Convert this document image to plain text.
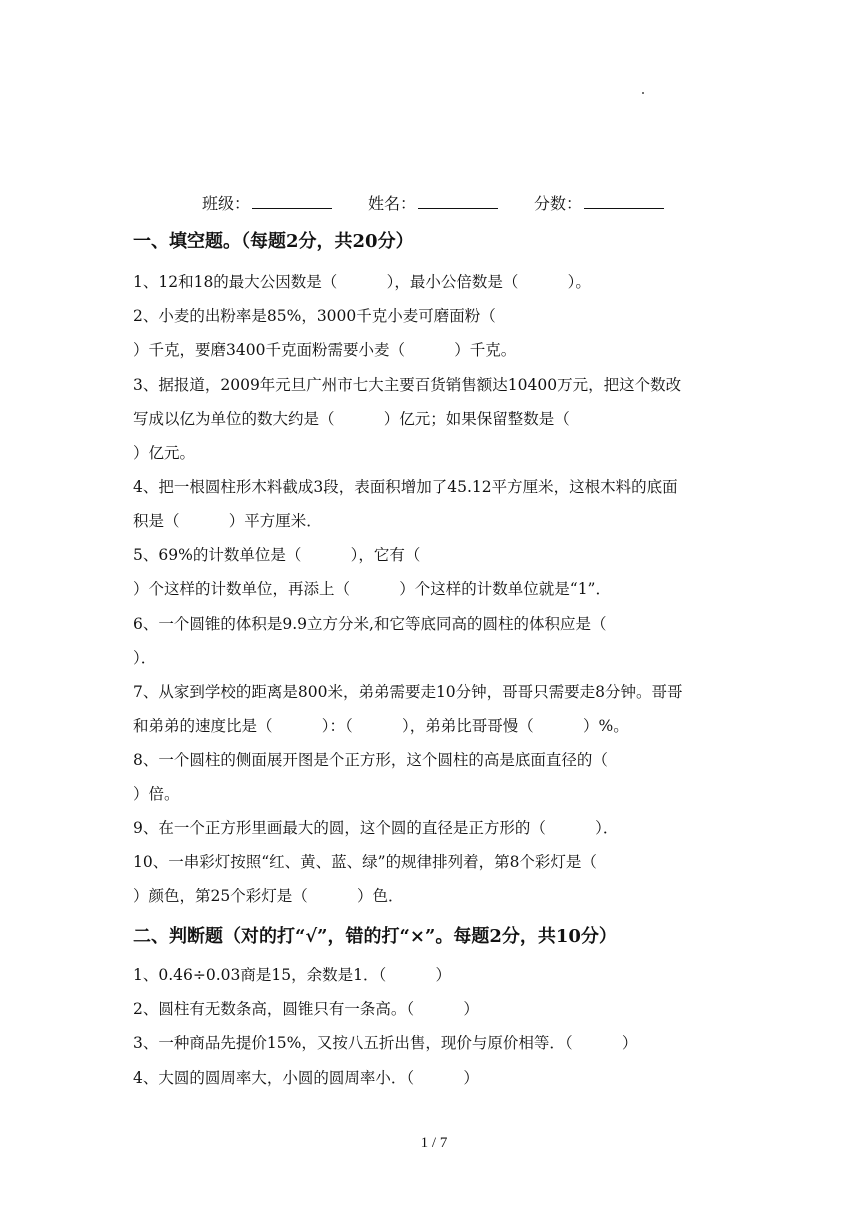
班级：	姓名：	分数：
一、填空题。（每题2分，共20分）
1、12和18的最大公因数是（          ），最小公倍数是（          ）。
2、小麦的出粉率是85%，3000千克小麦可磨面粉（
）千克，要磨3400千克面粉需要小麦（          ）千克。
3、据报道，2009年元旦广州市七大主要百货销售额达10400万元，把这个数改
写成以亿为单位的数大约是（          ）亿元；如果保留整数是（
）亿元。
4、把一根圆柱形木料截成3段，表面积增加了45.12平方厘米，这根木料的底面
积是（          ）平方厘米．
5、69%的计数单位是（          ），它有（
）个这样的计数单位，再添上（          ）个这样的计数单位就是“1”．
6、一个圆锥的体积是9.9立方分米,和它等底同高的圆柱的体积应是（
）．
7、从家到学校的距离是800米，弟弟需要走10分钟，哥哥只需要走8分钟。哥哥
和弟弟的速度比是（          ）：（          ），弟弟比哥哥慢（          ）%。
8、一个圆柱的侧面展开图是个正方形，这个圆柱的高是底面直径的（
）倍。
9、在一个正方形里画最大的圆，这个圆的直径是正方形的（          ）．
10、一串彩灯按照“红、黄、蓝、绿”的规律排列着，第8个彩灯是（
）颜色，第25个彩灯是（          ）色．
二、判断题（对的打“√”，错的打“×”。每题2分，共10分）
1、0.46÷0.03商是15，余数是1．（          ）
2、圆柱有无数条高，圆锥只有一条高。（          ）
3、一种商品先提价15%，又按八五折出售，现价与原价相等．（          ）
4、大圆的圆周率大，小圆的圆周率小．（          ）
1 / 7
